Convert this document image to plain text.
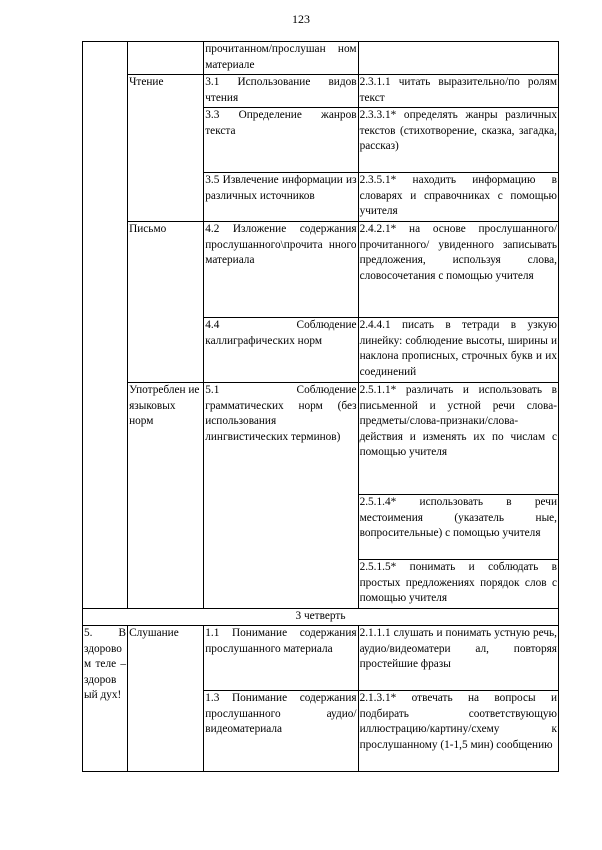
123
		прочитанном/прослушан ном материале	
	Чтение	3.1 Использование видов чтения	2.3.1.1 читать выразительно/по ролям текст
		3.3 Определение жанров текста	2.3.3.1* определять жанры различных текстов (стихотворение, сказка, загадка, рассказ)
		3.5 Извлечение информации из различных источников	2.3.5.1* находить информацию в словарях и справочниках с помощью учителя
	Письмо	4.2 Изложение содержания прослушанного\прочита нного материала	2.4.2.1* на основе прослушанного/ прочитанного/ увиденного записывать предложения, используя слова, словосочетания с помощью учителя
		4.4 Соблюдение каллиграфических норм	2.4.4.1 писать в тетради в узкую линейку: соблюдение высоты, ширины и наклона прописных, строчных букв и их соединений
	Употреблен ие языковых норм	5.1 Соблюдение грамматических норм (без использования лингвистических терминов)	2.5.1.1* различать и использовать в письменной и устной речи слова-предметы/слова-признаки/слова-действия и изменять их по числам с помощью учителя
			2.5.1.4* использовать в речи местоимения (указатель ные, вопросительные) с помощью учителя
			2.5.1.5* понимать и соблюдать в простых предложениях порядок слов с помощью учителя
3 четверть			
5. В здорово м теле – здоров ый дух!	Слушание	1.1 Понимание содержания прослушанного материала	2.1.1.1 слушать и понимать устную речь, аудио/видеоматери ал, повторяя простейшие фразы
		1.3 Понимание содержания прослушанного аудио/видеоматериала	2.1.3.1* отвечать на вопросы и подбирать соответствующую иллюстрацию/картину/схему к прослушанному (1-1,5 мин) сообщению
